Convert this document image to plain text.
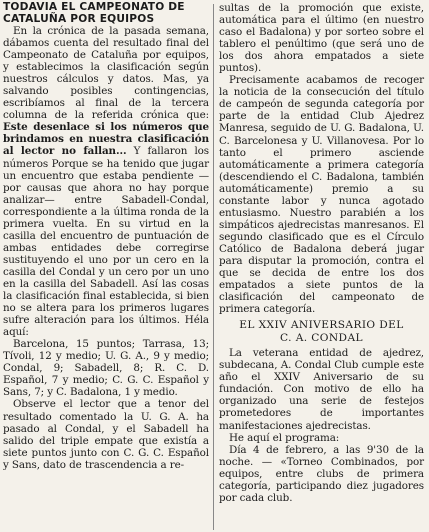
TODAVIA EL CAMPEONATO DE CATALUÑA POR EQUIPOS

En la crónica de la pasada semana, dábamos cuenta del resultado final del Campeonato de Cataluña por equipos, y establecimos la clasificación según nuestros cálculos y datos. Mas, ya salvando posibles contingencias, escribíamos al final de la tercera columna de la referida crónica que: Este desenlace si los números que brindamos en nuestra clasificación al lector no fallan... Y fallaron los números Porque se ha tenido que jugar un encuentro que estaba pendiente —por causas que ahora no hay porque analizar— entre Sabadell-Condal, correspondiente a la última ronda de la primera vuelta. En su virtud en la casilla del encuentro de puntuación de ambas entidades debe corregirse sustituyendo el uno por un cero en la casilla del Condal y un cero por un uno en la casilla del Sabadell. Así las cosas la clasificación final establecida, si bien no se altera para los primeros lugares sufre alteración para los últimos. Héla aquí:

Barcelona, 15 puntos; Tarrasa, 13; Tívoli, 12 y medio; U. G. A., 9 y medio; Condal, 9; Sabadell, 8; R. C. D. Español, 7 y medio; C. G. C. Español y Sans, 7; y C. Badalona, 1 y medio.

Observe el lector que a tenor del resultado comentado la U. G. A. ha pasado al Condal, y el Sabadell ha salido del triple empate que existía a siete puntos junto con C. G. C. Español y Sans, dato de trascendencia a re-

sultas de la promoción que existe, automática para el último (en nuestro caso el Badalona) y por sorteo sobre el tablero el penúltimo (que será uno de los dos ahora empatados a siete puntos).

Precisamente acabamos de recoger la noticia de la consecución del título de campeón de segunda categoría por parte de la entidad Club Ajedrez Manresa, seguido de U. G. Badalona, U. C. Barcelonesa y U. Villanovesa. Por lo tanto el primero asciende automáticamente a primera categoría (descendiendo el C. Badalona, también automáticamente) premio a su constante labor y nunca agotado entusiasmo. Nuestro parabién a los simpáticos ajedrecistas manresanos. El segundo clasificado que es el Círculo Católico de Badalona deberá jugar para disputar la promoción, contra el que se decida de entre los dos empatados a siete puntos de la clasificación del campeonato de primera categoría.

EL XXIV ANIVERSARIO DEL
C. A. CONDAL

La veterana entidad de ajedrez, subdecana, A. Condal Club cumple este año el XXIV Aniversario de su fundación. Con motivo de ello ha organizado una serie de festejos prometedores de importantes manifestaciones ajedrecistas.

He aquí el programa:

Día 4 de febrero, a las 9'30 de la noche. — «Torneo Combinados, por equipos, entre clubs de primera categoría, participando diez jugadores por cada club.
